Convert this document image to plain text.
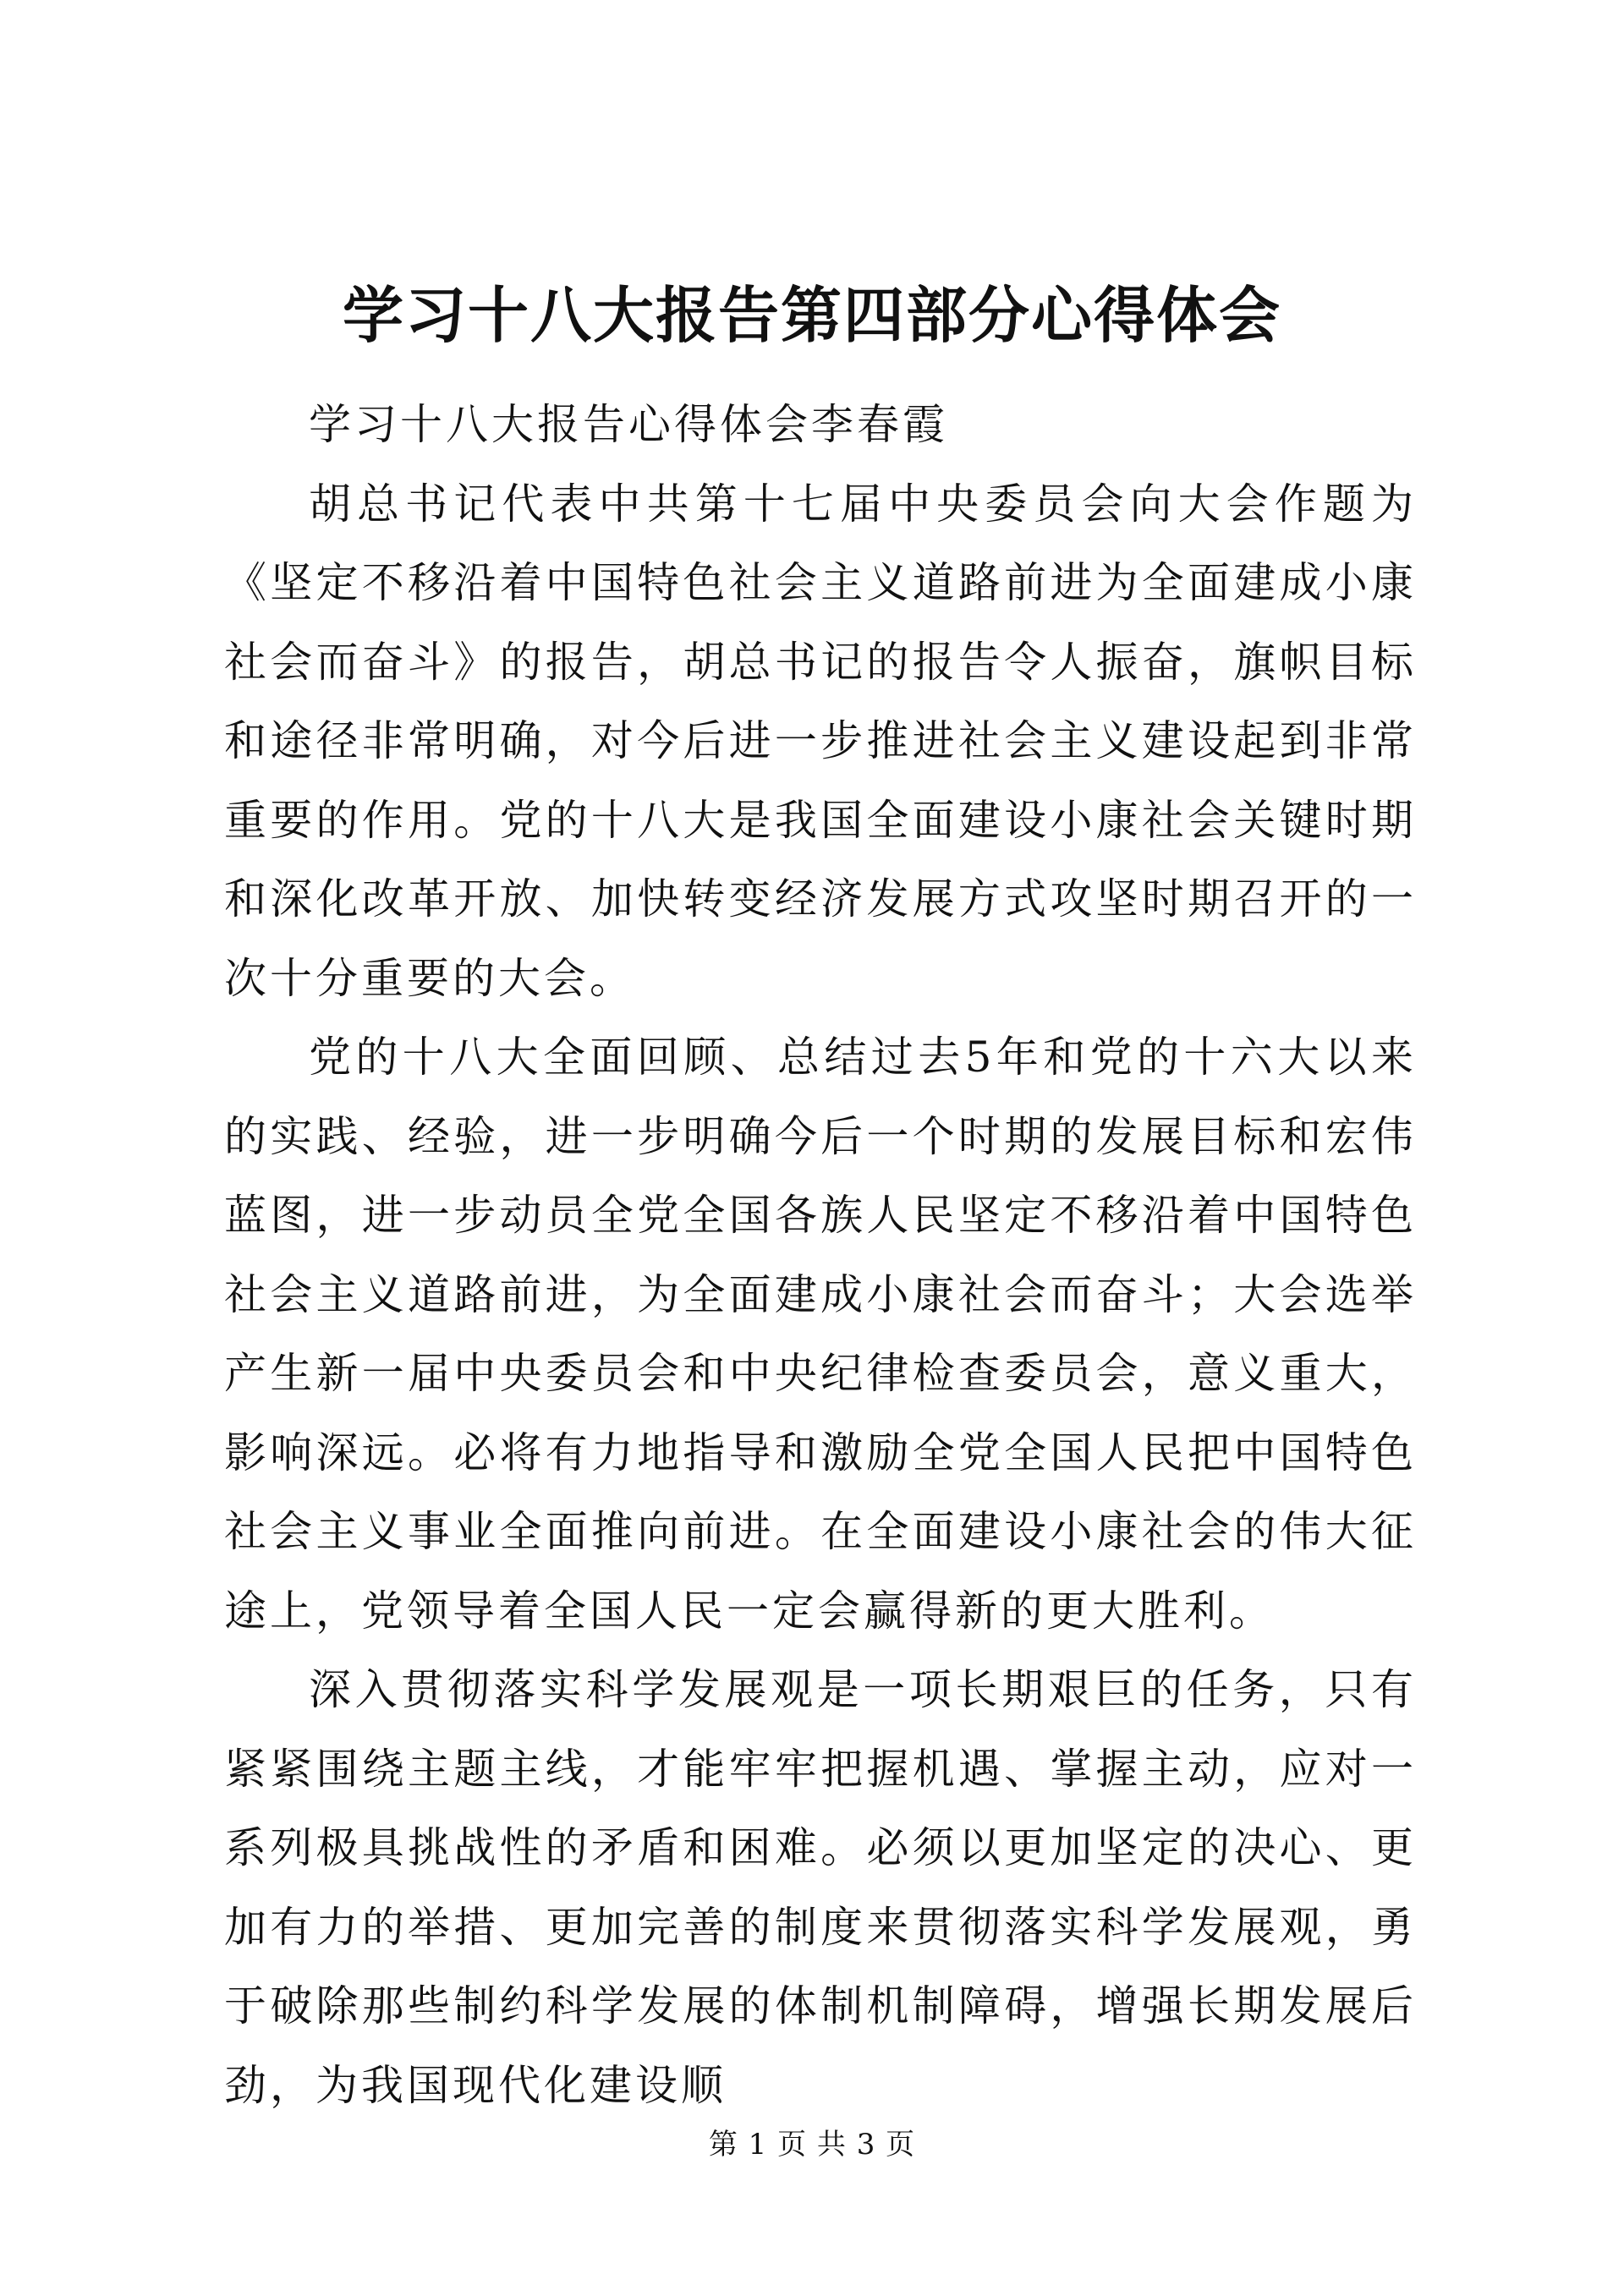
学习十八大报告第四部分心得体会

学习十八大报告心得体会李春霞

胡总书记代表中共第十七届中央委员会向大会作题为《坚定不移沿着中国特色社会主义道路前进为全面建成小康社会而奋斗》的报告，胡总书记的报告令人振奋，旗帜目标和途径非常明确，对今后进一步推进社会主义建设起到非常重要的作用。党的十八大是我国全面建设小康社会关键时期和深化改革开放、加快转变经济发展方式攻坚时期召开的一次十分重要的大会。

党的十八大全面回顾、总结过去5年和党的十六大以来的实践、经验，进一步明确今后一个时期的发展目标和宏伟蓝图，进一步动员全党全国各族人民坚定不移沿着中国特色社会主义道路前进，为全面建成小康社会而奋斗；大会选举产生新一届中央委员会和中央纪律检查委员会，意义重大，影响深远。必将有力地指导和激励全党全国人民把中国特色社会主义事业全面推向前进。在全面建设小康社会的伟大征途上，党领导着全国人民一定会赢得新的更大胜利。

深入贯彻落实科学发展观是一项长期艰巨的任务，只有紧紧围绕主题主线，才能牢牢把握机遇、掌握主动，应对一系列极具挑战性的矛盾和困难。必须以更加坚定的决心、更加有力的举措、更加完善的制度来贯彻落实科学发展观，勇于破除那些制约科学发展的体制机制障碍，增强长期发展后劲，为我国现代化建设顺

第 1 页 共 3 页
